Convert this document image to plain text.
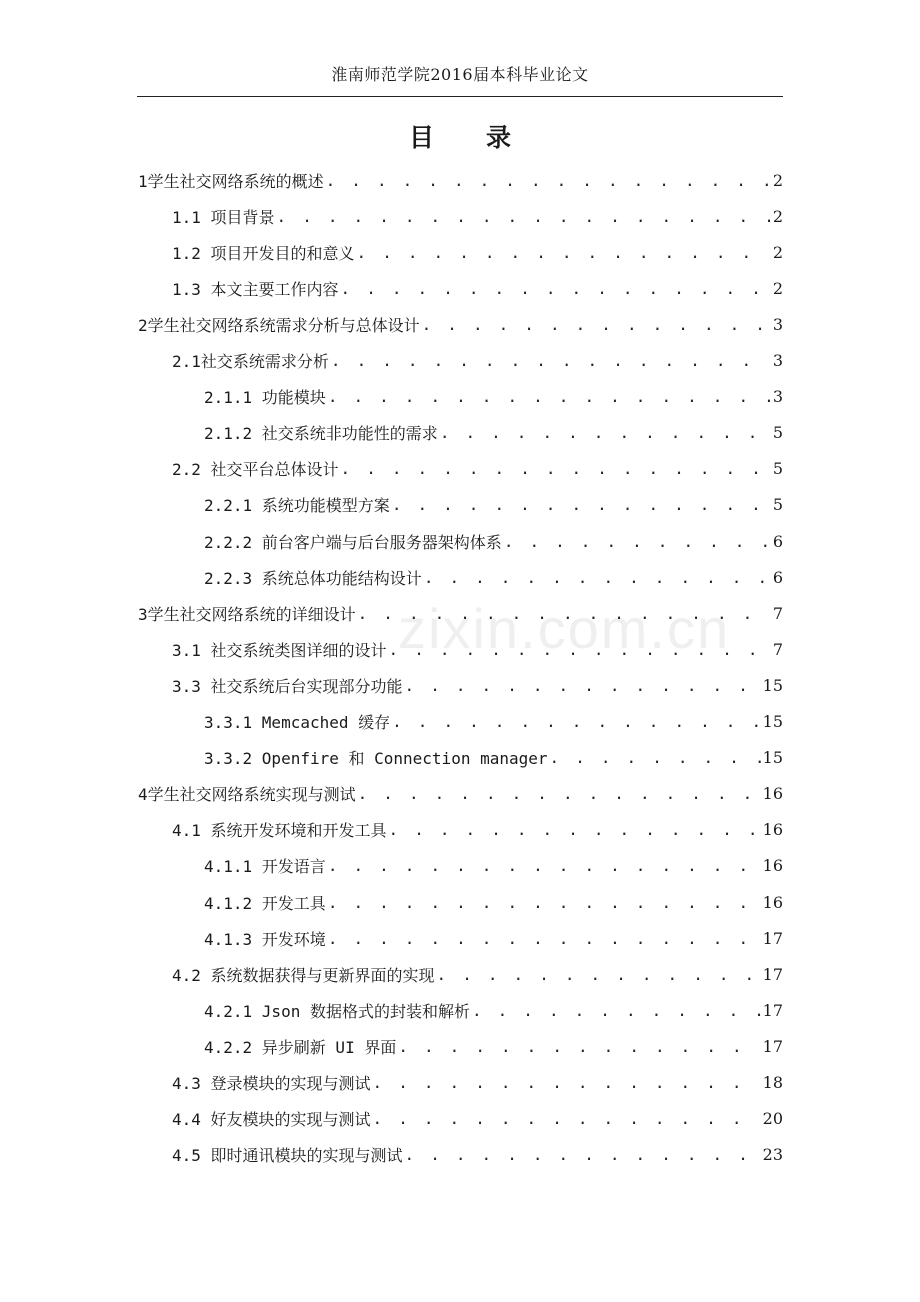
淮南师范学院2016届本科毕业论文
目录
zixin.com.cn
1学生社交网络系统的概述 . . .	2
1.1 项目背景 . . .	2
1.2 项目开发目的和意义 . . .	2
1.3 本文主要工作内容 . . .	2
2学生社交网络系统需求分析与总体设计 . . .	3
2.1社交系统需求分析 . . .	3
2.1.1 功能模块 . . .	3
2.1.2 社交系统非功能性的需求 . . .	5
2.2 社交平台总体设计 . . .	5
2.2.1 系统功能模型方案 . . .	5
2.2.2 前台客户端与后台服务器架构体系 . . .	6
2.2.3 系统总体功能结构设计 . . .	6
3学生社交网络系统的详细设计 . . .	7
3.1 社交系统类图详细的设计 . . .	7
3.3 社交系统后台实现部分功能 . . .	15
3.3.1 Memcached 缓存 . . .	15
3.3.2 Openfire 和 Connection manager . . .	15
4学生社交网络系统实现与测试 . . .	16
4.1 系统开发环境和开发工具 . . .	16
4.1.1 开发语言 . . .	16
4.1.2 开发工具 . . .	16
4.1.3 开发环境 . . .	17
4.2 系统数据获得与更新界面的实现 . . .	17
4.2.1 Json 数据格式的封装和解析 . . .	17
4.2.2 异步刷新 UI 界面 . . .	17
4.3 登录模块的实现与测试 . . .	18
4.4 好友模块的实现与测试 . . .	20
4.5 即时通讯模块的实现与测试 . . .	23
